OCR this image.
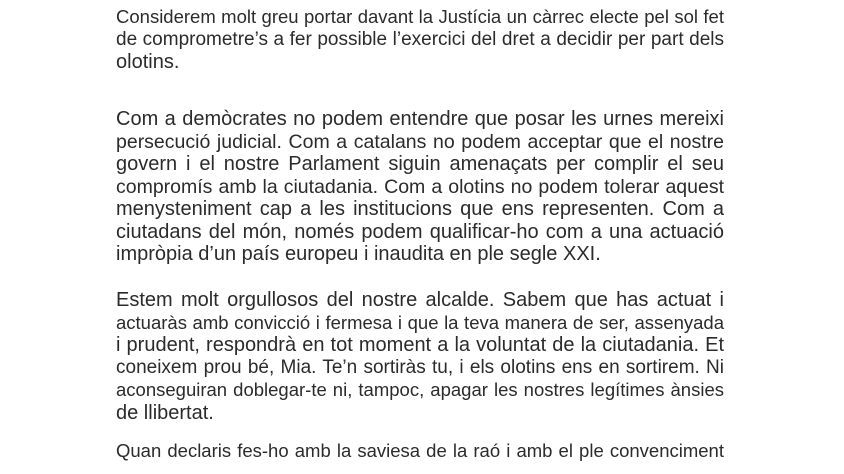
Considerem molt greu portar davant la Justícia un càrrec electe pel sol fet
de comprometre’s a fer possible l’exercici del dret a decidir per part dels
olotins.
Com a demòcrates no podem entendre que posar les urnes mereixi
persecució judicial. Com a catalans no podem acceptar que el nostre
govern i el nostre Parlament siguin amenaçats per complir el seu
compromís amb la ciutadania. Com a olotins no podem tolerar aquest
menysteniment cap a les institucions que ens representen. Com a
ciutadans del món, només podem qualificar-ho com a una actuació
impròpia d’un país europeu i inaudita en ple segle XXI.
Estem molt orgullosos del nostre alcalde. Sabem que has actuat i
actuaràs amb convicció i fermesa i que la teva manera de ser, assenyada
i prudent, respondrà en tot moment a la voluntat de la ciutadania. Et
coneixem prou bé, Mia. Te’n sortiràs tu, i els olotins ens en sortirem. Ni
aconseguiran doblegar-te ni, tampoc, apagar les nostres legítimes ànsies
de llibertat.
Quan declaris fes-ho amb la saviesa de la raó i amb el ple convenciment
